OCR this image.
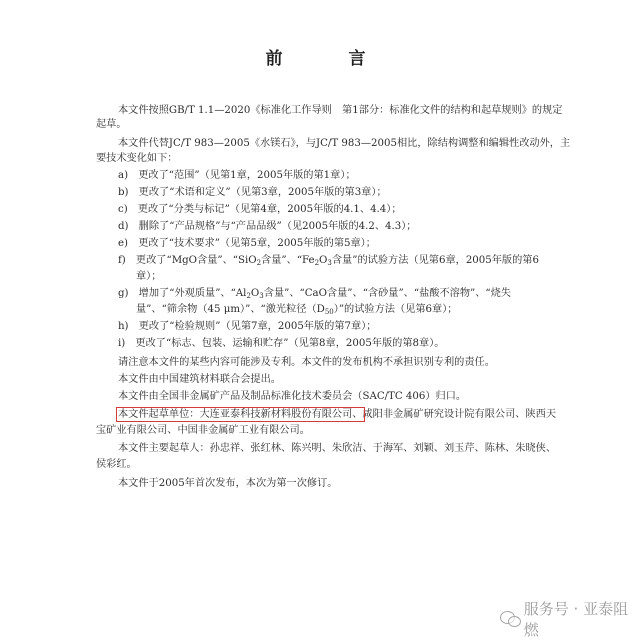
前 言
本文件按照GB/T 1.1—2020《标准化工作导则　第1部分：标准化文件的结构和起草规则》的规定
起草。
本文件代替JC/T 983—2005《水镁石》，与JC/T 983—2005相比，除结构调整和编辑性改动外，主
要技术变化如下：
a)　更改了“范围”（见第1章，2005年版的第1章）；
b)　更改了“术语和定义”（见第3章，2005年版的第3章）；
c)　更改了“分类与标记”（见第4章，2005年版的4.1、4.4）；
d)　删除了“产品规格”与“产品品级”（见2005年版的4.2、4.3）；
e)　更改了“技术要求”（见第5章，2005年版的第5章）；
f)　更改了“MgO含量”、“SiO$_2$含量”、“$Fe_2O_3$含量”的试验方法（见第6章，2005年版的第6
章）；
g)　增加了“外观质量”、“$Al_2O_3$含量”、“CaO含量”、“含砂量”、“盐酸不溶物”、“烧失
量”、“筛余物（45 μm）”、“激光粒径$(D_{50})$”的试验方法（见第6章）；
h)　更改了“检验规则”（见第7章，2005年版的第7章）；
i)　更改了“标志、包装、运输和贮存”（见第8章，2005年版的第8章）。
请注意本文件的某些内容可能涉及专利。本文件的发布机构不承担识别专利的责任。
本文件由中国建筑材料联合会提出。
本文件由全国非金属矿产品及制品标准化技术委员会（SAC/TC 406）归口。
本文件起草单位：大连亚泰科技新材料股份有限公司、咸阳非金属矿研究设计院有限公司、陕西天
宝矿业有限公司、中国非金属矿工业有限公司。
本文件主要起草人：孙忠祥、张红林、陈兴明、朱欣洁、于海军、刘颖、刘玉芹、陈林、朱晓侠、
侯彩红。
本文件于2005年首次发布，本次为第一次修订。
服务号 · 亚泰阻燃
